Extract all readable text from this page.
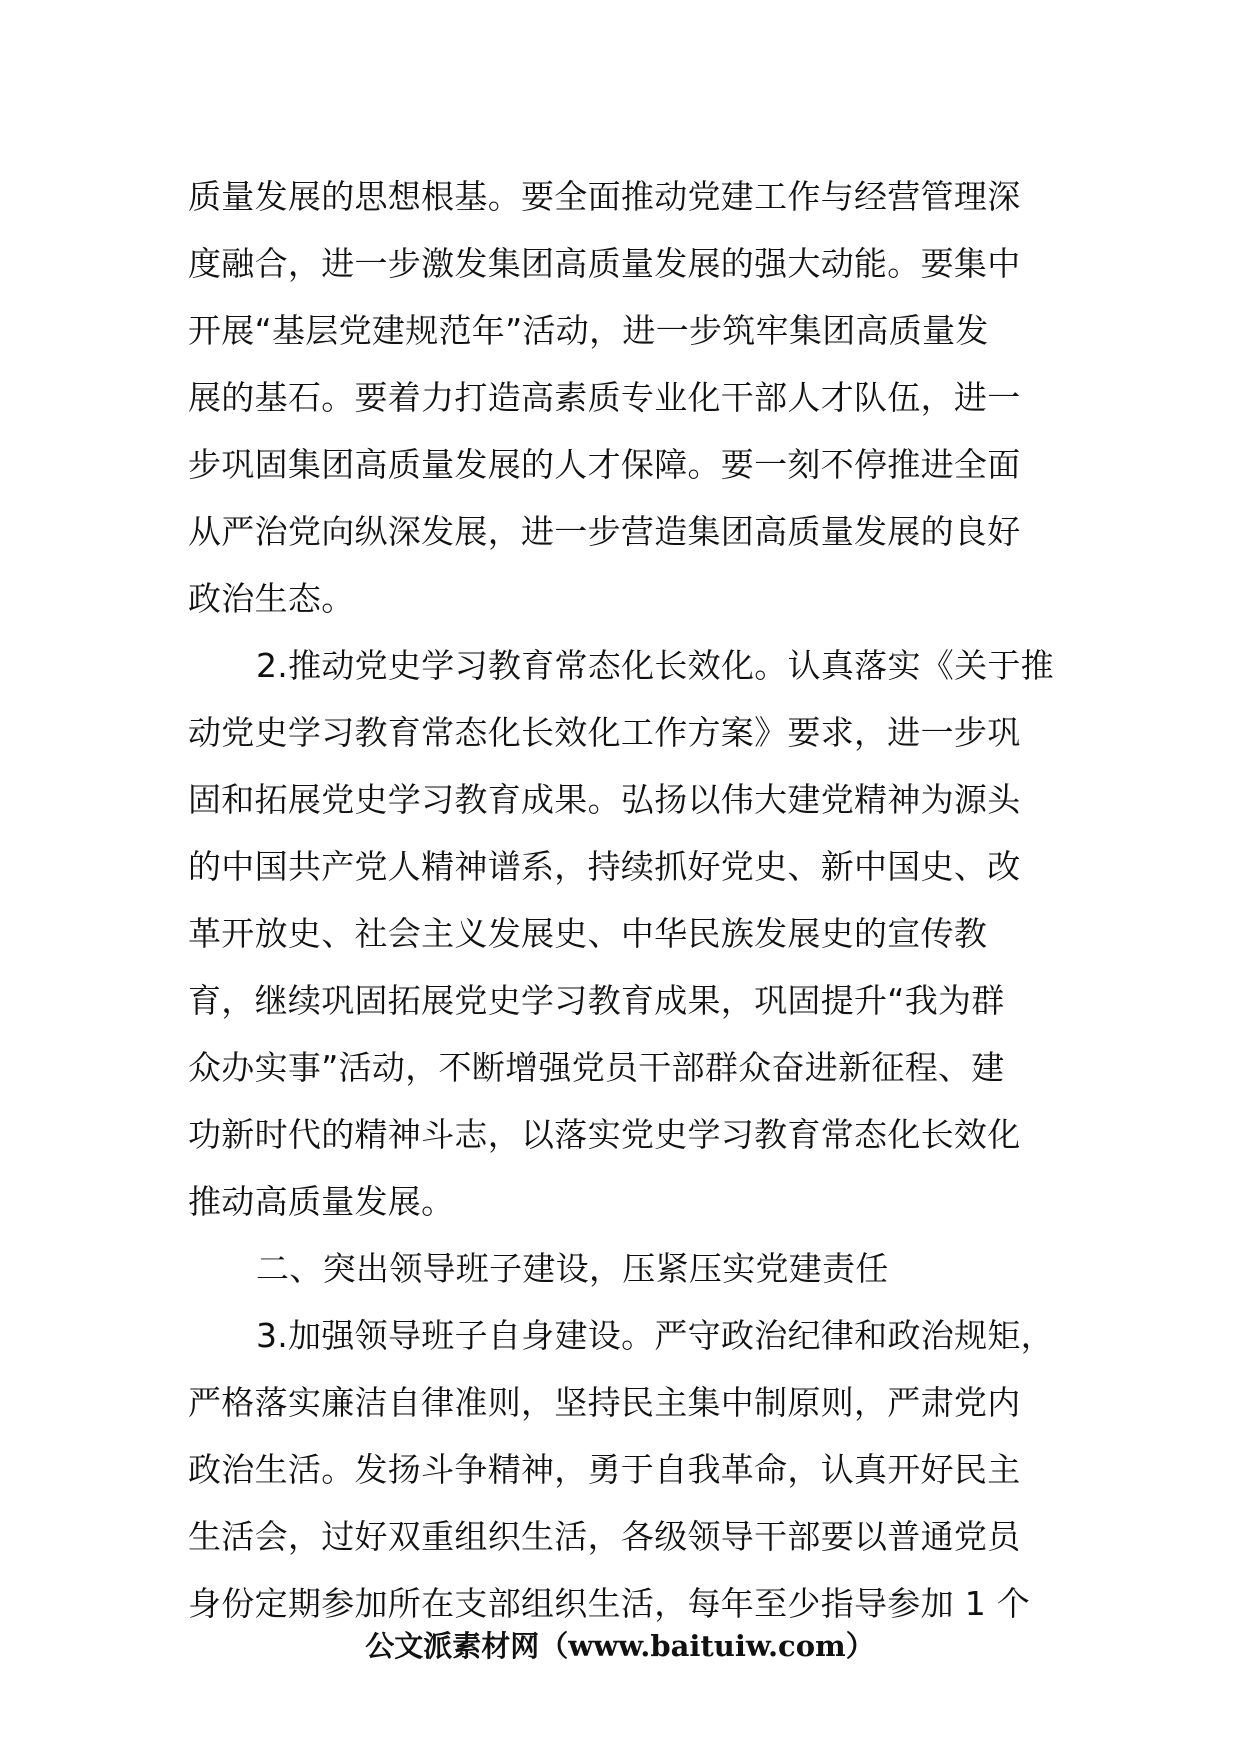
质量发展的思想根基。要全面推动党建工作与经营管理深
度融合，进一步激发集团高质量发展的强大动能。要集中
开展“基层党建规范年”活动，进一步筑牢集团高质量发
展的基石。要着力打造高素质专业化干部人才队伍，进一
步巩固集团高质量发展的人才保障。要一刻不停推进全面
从严治党向纵深发展，进一步营造集团高质量发展的良好
政治生态。
2.推动党史学习教育常态化长效化。认真落实《关于推
动党史学习教育常态化长效化工作方案》要求，进一步巩
固和拓展党史学习教育成果。弘扬以伟大建党精神为源头
的中国共产党人精神谱系，持续抓好党史、新中国史、改
革开放史、社会主义发展史、中华民族发展史的宣传教
育，继续巩固拓展党史学习教育成果，巩固提升“我为群
众办实事”活动，不断增强党员干部群众奋进新征程、建
功新时代的精神斗志，以落实党史学习教育常态化长效化
推动高质量发展。
二、突出领导班子建设，压紧压实党建责任
3.加强领导班子自身建设。严守政治纪律和政治规矩，
严格落实廉洁自律准则，坚持民主集中制原则，严肃党内
政治生活。发扬斗争精神，勇于自我革命，认真开好民主
生活会，过好双重组织生活，各级领导干部要以普通党员
身份定期参加所在支部组织生活，每年至少指导参加 1 个
公文派素材网（www.baituiw.com）
